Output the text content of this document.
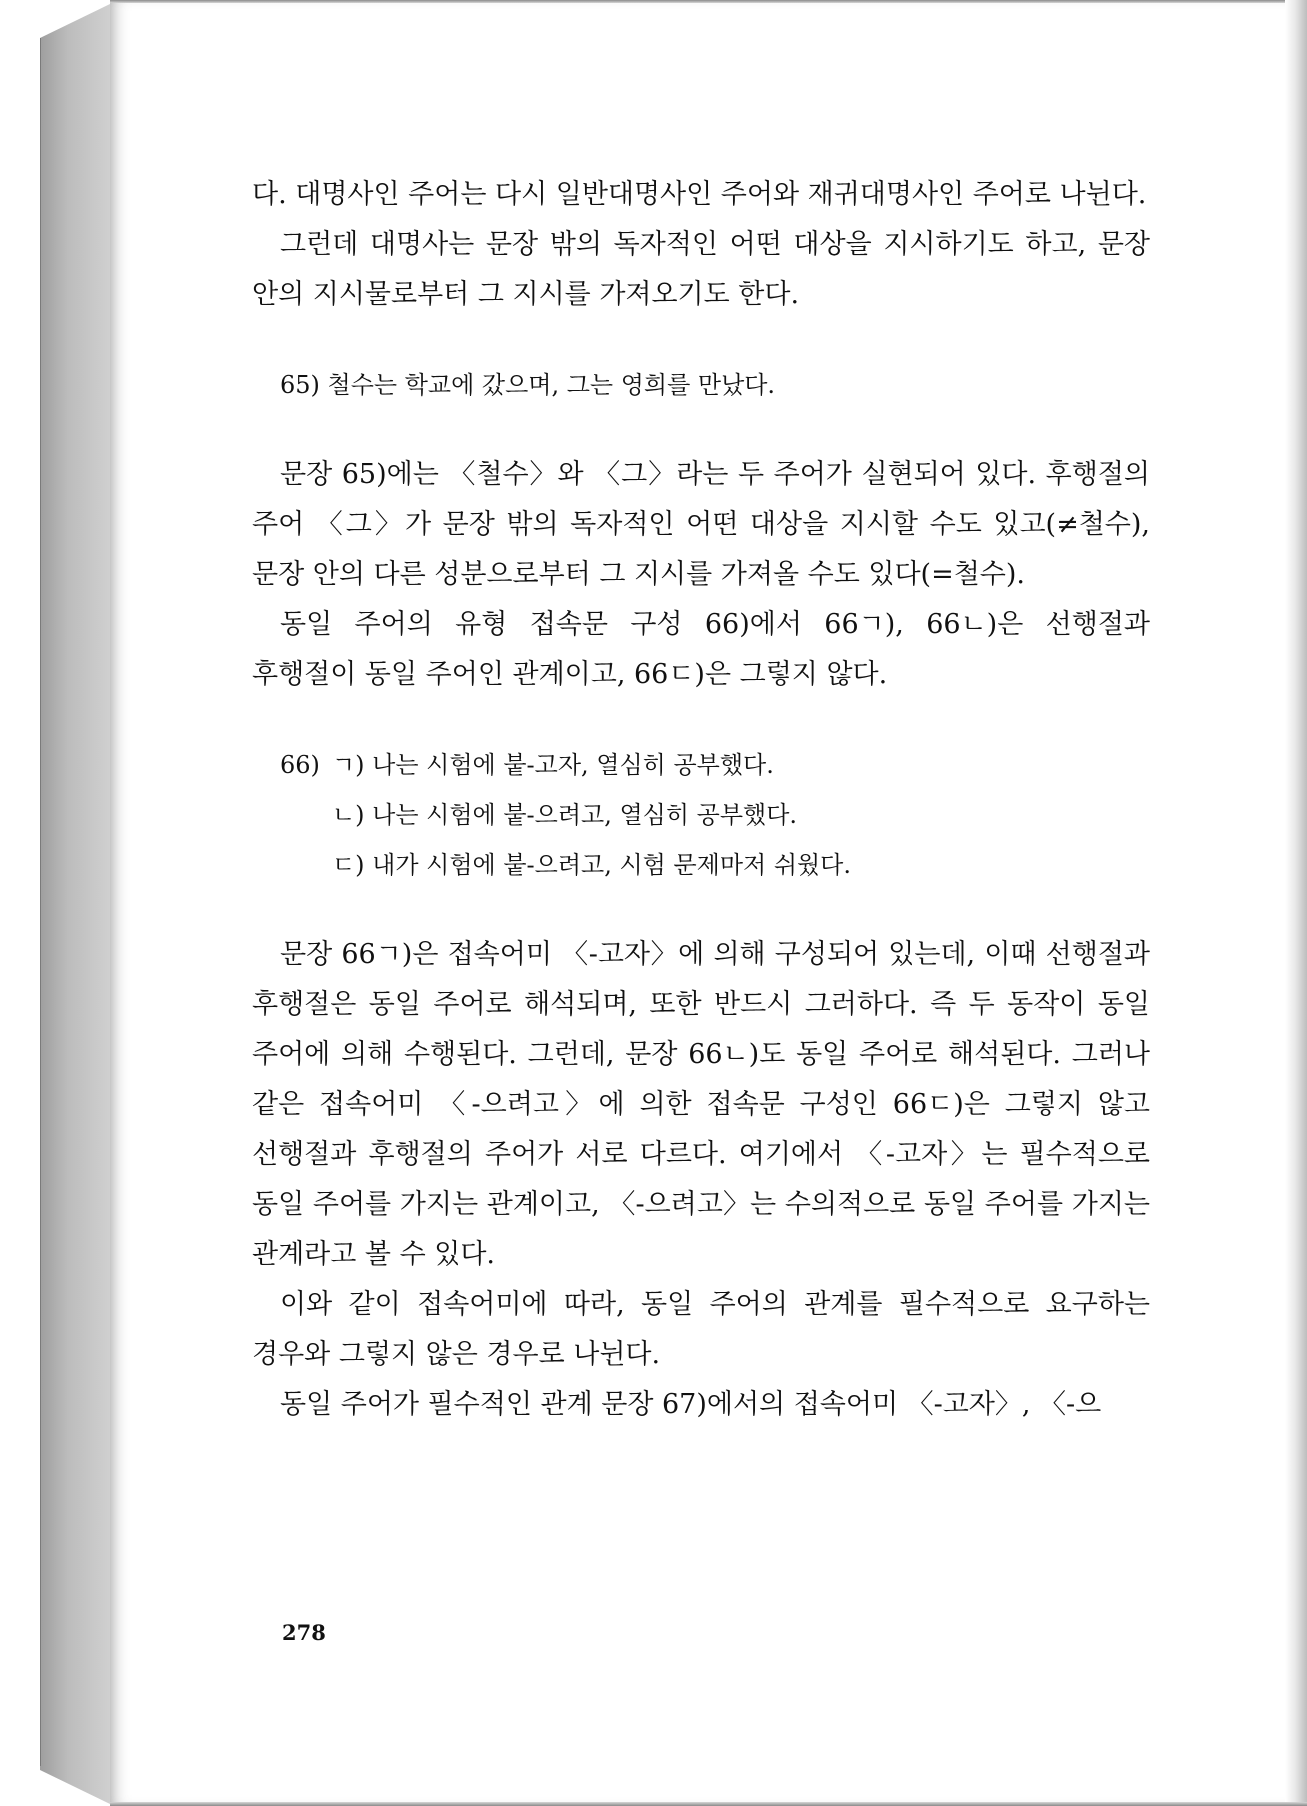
다. 대명사인 주어는 다시 일반대명사인 주어와 재귀대명사인 주어로 나뉜다.

그런데 대명사는 문장 밖의 독자적인 어떤 대상을 지시하기도 하고, 문장 안의 지시물로부터 그 지시를 가져오기도 한다.

65) 철수는 학교에 갔으며, 그는 영희를 만났다.

문장 65)에는 〈철수〉와 〈그〉라는 두 주어가 실현되어 있다. 후행절의 주어 〈그〉가 문장 밖의 독자적인 어떤 대상을 지시할 수도 있고(≠철수), 문장 안의 다른 성분으로부터 그 지시를 가져올 수도 있다(=철수).

동일 주어의 유형 접속문 구성 66)에서 66ㄱ), 66ㄴ)은 선행절과 후행절이 동일 주어인 관계이고, 66ㄷ)은 그렇지 않다.

66) ㄱ) 나는 시험에 붙-고자, 열심히 공부했다.

ㄴ) 나는 시험에 붙-으려고, 열심히 공부했다.

ㄷ) 내가 시험에 붙-으려고, 시험 문제마저 쉬웠다.

문장 66ㄱ)은 접속어미 〈-고자〉에 의해 구성되어 있는데, 이때 선행절과 후행절은 동일 주어로 해석되며, 또한 반드시 그러하다. 즉 두 동작이 동일 주어에 의해 수행된다. 그런데, 문장 66ㄴ)도 동일 주어로 해석된다. 그러나 같은 접속어미 〈-으려고〉에 의한 접속문 구성인 66ㄷ)은 그렇지 않고 선행절과 후행절의 주어가 서로 다르다. 여기에서 〈-고자〉는 필수적으로 동일 주어를 가지는 관계이고, 〈-으려고〉는 수의적으로 동일 주어를 가지는 관계라고 볼 수 있다.

이와 같이 접속어미에 따라, 동일 주어의 관계를 필수적으로 요구하는 경우와 그렇지 않은 경우로 나뉜다.

동일 주어가 필수적인 관계 문장 67)에서의 접속어미 〈-고자〉, 〈-으

278
